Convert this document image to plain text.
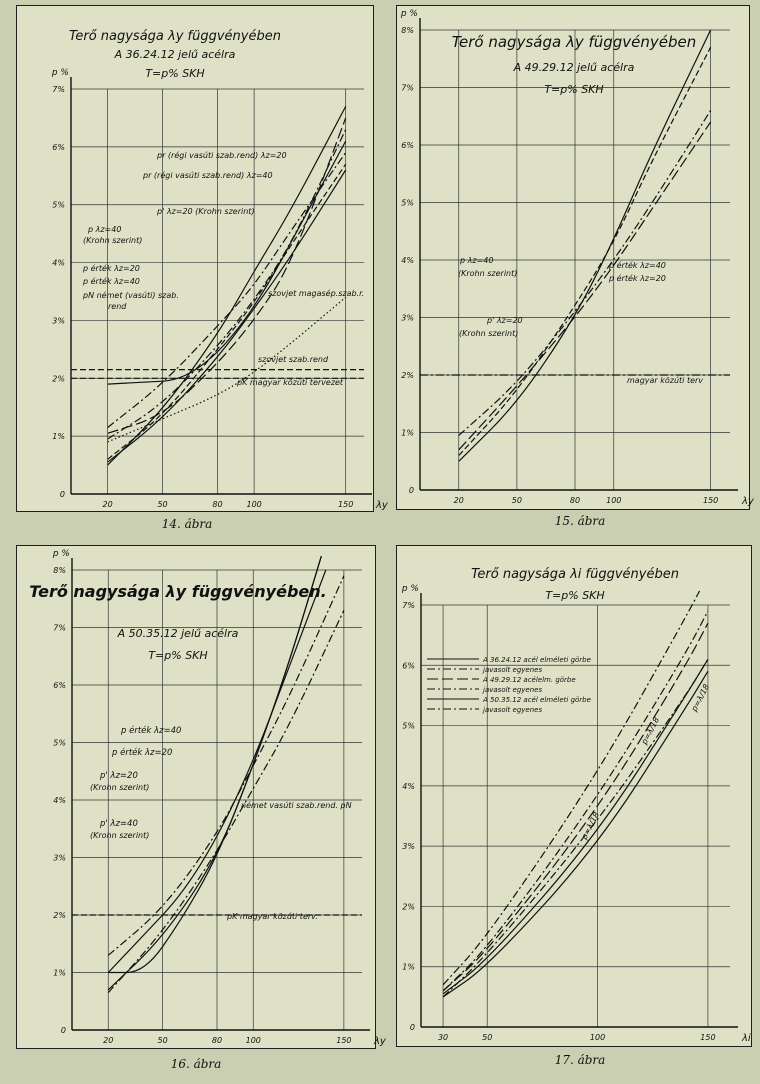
14. ábra	15. ábra
16. ábra	17. ábra
0
1%
2%
3%
4%
5%
6%
7%
20	50	80	100	150 λy
p %
Terő nagysága λy függvényében
A 36.24.12 jelű acélra
T=p% SKH
pr (régi vasúti szab.rend) λz=20
pr (régi vasúti szab.rend) λz=40
p' λz=20 (Krohn szerint)
p λz=40
(Krohn szerint)
p érték λz=20
p érték λz=40
pN német (vasúti) szab.
rend
szovjet magasép.szab.r.
szovjet szab.rend
pK magyar közúti tervezet
0
1%
2%
3%
4%
5%
6%
7%
8%
20	50	80	100	150 λy
p %
Terő nagysága λy függvényében
A 49.29.12 jelű acélra
T=p% SKH
p λz=40
(Krohn szerint)
p érték λz=40
p érték λz=20
p' λz=20
(Krohn szerint)
magyar közúti terv
0
1%
2%
3%
4%
5%
6%
7%
8%
20	50	80	100	150 λy
p %
Terő nagysága λy függvényében.
A 50.35.12 jelű acélra
T=p% SKH
p érték λz=40
p érték λz=20
p' λz=20
(Krohn szerint)
p' λz=40
(Krohn szerint)
német vasúti szab.rend. pN
pK magyar közúti terv.
0
1%
2%
3%
4%
5%
6%
7%
30	50	100	150	λi
p %
Terő nagysága λi függvényében
T=p% SKH
A 36.24.12 acél elméleti görbe
javasolt egyenes
A 49.29.12 acélelm. görbe
javasolt egyenes
A 50.35.12 acél elméleti görbe
javasolt egyenes
p=λ/18
p=λ/18
p=λ/18
